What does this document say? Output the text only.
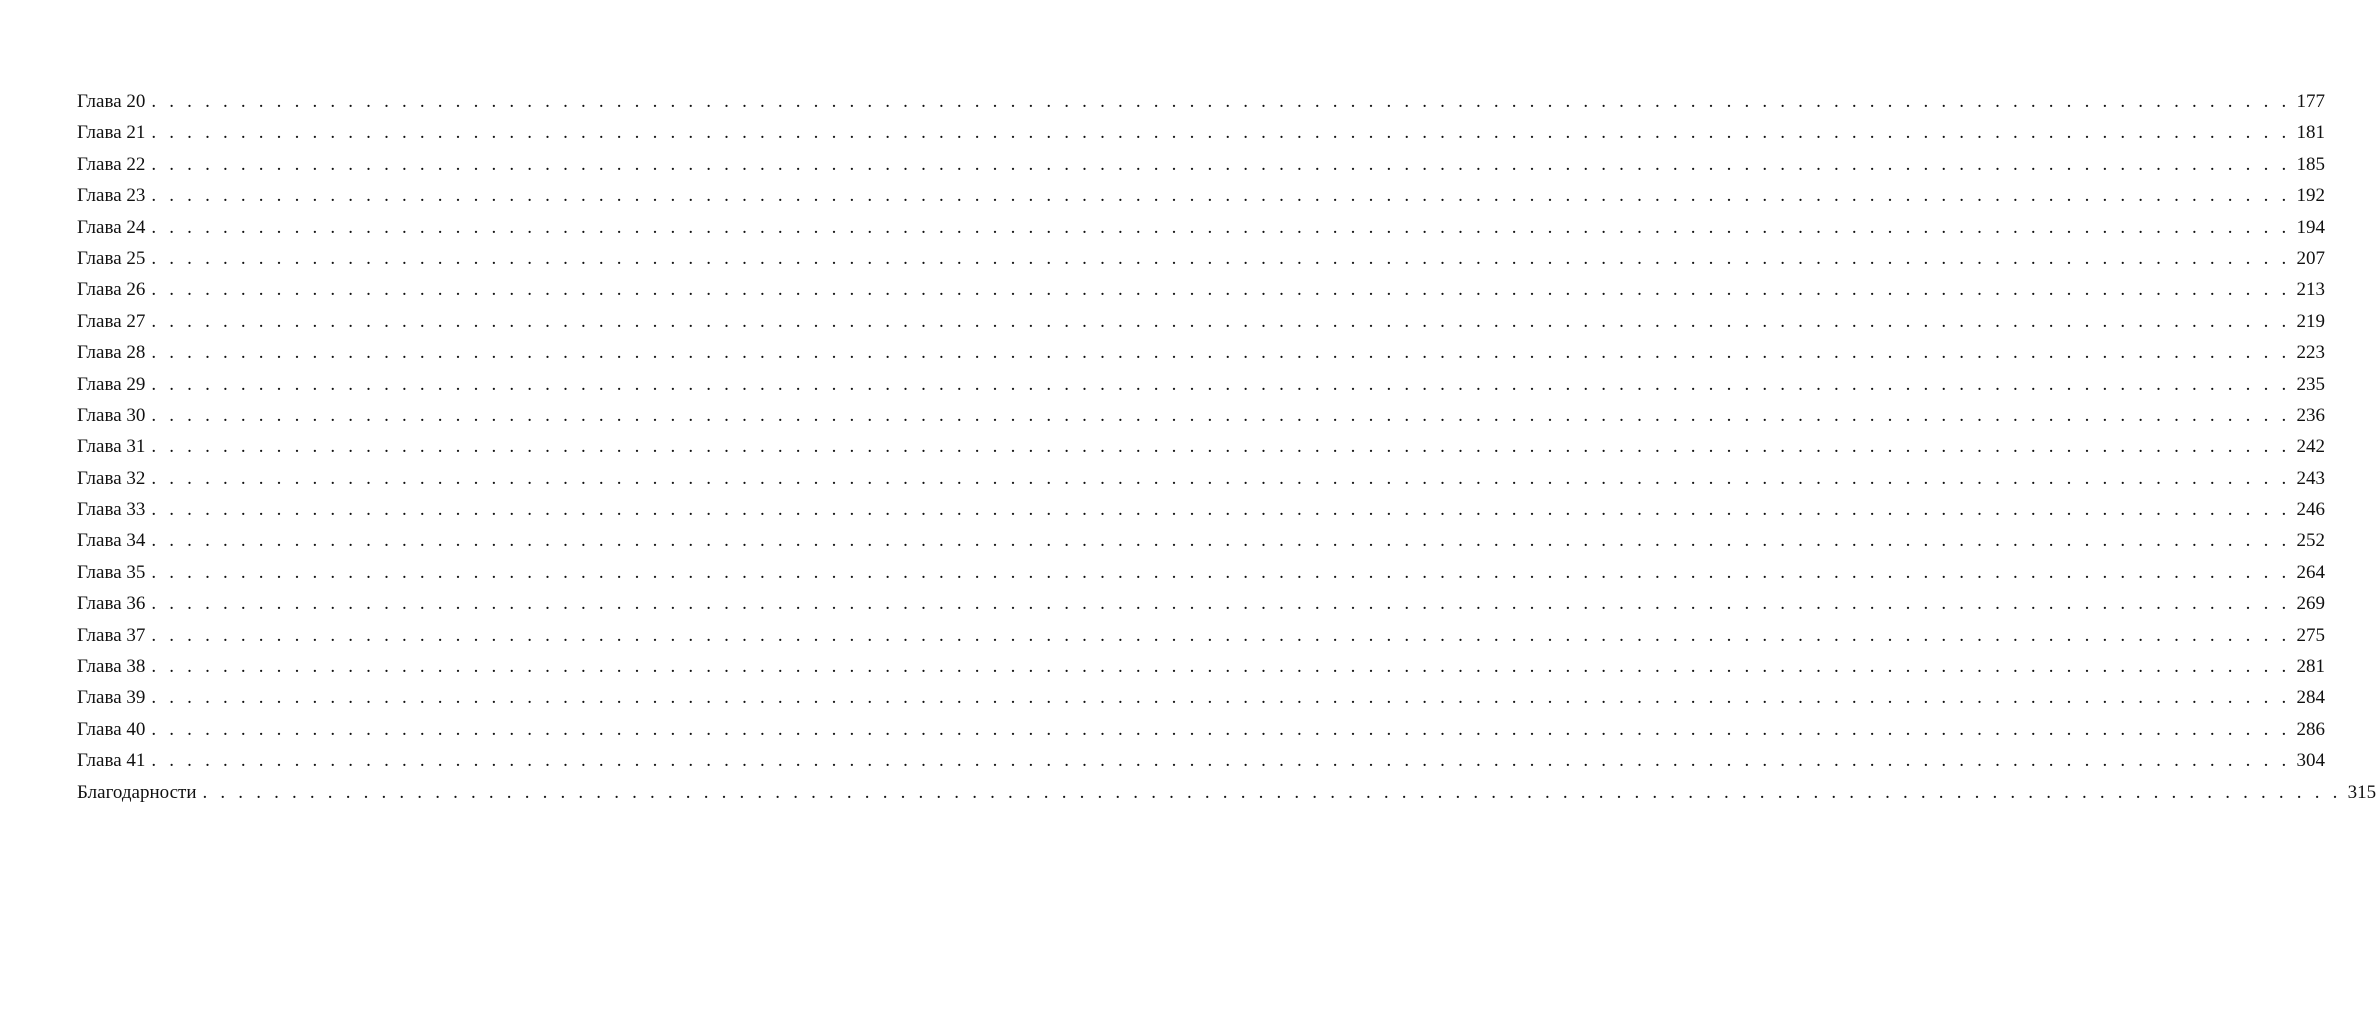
Глава 20 . . . . . . . . . . . . . . . . . . . . . . . . . . . . . . . . . . . . . . . . . . . . . . . . . . . . . . . . . . . . . . . . . . . . . . . . . . . . . . . . . . . . . . . . . . . . . . . . . . . . . . . . . . . . . . . . . . . . . . . . 177
Глава 21 . . . . . . . . . . . . . . . . . . . . . . . . . . . . . . . . . . . . . . . . . . . . . . . . . . . . . . . . . . . . . . . . . . . . . . . . . . . . . . . . . . . . . . . . . . . . . . . . . . . . . . . . . . . . . . . . . . . . . . . . 181
Глава 22 . . . . . . . . . . . . . . . . . . . . . . . . . . . . . . . . . . . . . . . . . . . . . . . . . . . . . . . . . . . . . . . . . . . . . . . . . . . . . . . . . . . . . . . . . . . . . . . . . . . . . . . . . . . . . . . . . . . . . . . . 185
Глава 23 . . . . . . . . . . . . . . . . . . . . . . . . . . . . . . . . . . . . . . . . . . . . . . . . . . . . . . . . . . . . . . . . . . . . . . . . . . . . . . . . . . . . . . . . . . . . . . . . . . . . . . . . . . . . . . . . . . . . . . . . 192
Глава 24 . . . . . . . . . . . . . . . . . . . . . . . . . . . . . . . . . . . . . . . . . . . . . . . . . . . . . . . . . . . . . . . . . . . . . . . . . . . . . . . . . . . . . . . . . . . . . . . . . . . . . . . . . . . . . . . . . . . . . . . . 194
Глава 25 . . . . . . . . . . . . . . . . . . . . . . . . . . . . . . . . . . . . . . . . . . . . . . . . . . . . . . . . . . . . . . . . . . . . . . . . . . . . . . . . . . . . . . . . . . . . . . . . . . . . . . . . . . . . . . . . . . . . . . . . 207
Глава 26 . . . . . . . . . . . . . . . . . . . . . . . . . . . . . . . . . . . . . . . . . . . . . . . . . . . . . . . . . . . . . . . . . . . . . . . . . . . . . . . . . . . . . . . . . . . . . . . . . . . . . . . . . . . . . . . . . . . . . . . . 213
Глава 27 . . . . . . . . . . . . . . . . . . . . . . . . . . . . . . . . . . . . . . . . . . . . . . . . . . . . . . . . . . . . . . . . . . . . . . . . . . . . . . . . . . . . . . . . . . . . . . . . . . . . . . . . . . . . . . . . . . . . . . . . 219
Глава 28 . . . . . . . . . . . . . . . . . . . . . . . . . . . . . . . . . . . . . . . . . . . . . . . . . . . . . . . . . . . . . . . . . . . . . . . . . . . . . . . . . . . . . . . . . . . . . . . . . . . . . . . . . . . . . . . . . . . . . . . . 223
Глава 29 . . . . . . . . . . . . . . . . . . . . . . . . . . . . . . . . . . . . . . . . . . . . . . . . . . . . . . . . . . . . . . . . . . . . . . . . . . . . . . . . . . . . . . . . . . . . . . . . . . . . . . . . . . . . . . . . . . . . . . . . 235
Глава 30 . . . . . . . . . . . . . . . . . . . . . . . . . . . . . . . . . . . . . . . . . . . . . . . . . . . . . . . . . . . . . . . . . . . . . . . . . . . . . . . . . . . . . . . . . . . . . . . . . . . . . . . . . . . . . . . . . . . . . . . . 236
Глава 31 . . . . . . . . . . . . . . . . . . . . . . . . . . . . . . . . . . . . . . . . . . . . . . . . . . . . . . . . . . . . . . . . . . . . . . . . . . . . . . . . . . . . . . . . . . . . . . . . . . . . . . . . . . . . . . . . . . . . . . . . 242
Глава 32 . . . . . . . . . . . . . . . . . . . . . . . . . . . . . . . . . . . . . . . . . . . . . . . . . . . . . . . . . . . . . . . . . . . . . . . . . . . . . . . . . . . . . . . . . . . . . . . . . . . . . . . . . . . . . . . . . . . . . . . . 243
Глава 33 . . . . . . . . . . . . . . . . . . . . . . . . . . . . . . . . . . . . . . . . . . . . . . . . . . . . . . . . . . . . . . . . . . . . . . . . . . . . . . . . . . . . . . . . . . . . . . . . . . . . . . . . . . . . . . . . . . . . . . . . 246
Глава 34 . . . . . . . . . . . . . . . . . . . . . . . . . . . . . . . . . . . . . . . . . . . . . . . . . . . . . . . . . . . . . . . . . . . . . . . . . . . . . . . . . . . . . . . . . . . . . . . . . . . . . . . . . . . . . . . . . . . . . . . . 252
Глава 35 . . . . . . . . . . . . . . . . . . . . . . . . . . . . . . . . . . . . . . . . . . . . . . . . . . . . . . . . . . . . . . . . . . . . . . . . . . . . . . . . . . . . . . . . . . . . . . . . . . . . . . . . . . . . . . . . . . . . . . . . 264
Глава 36 . . . . . . . . . . . . . . . . . . . . . . . . . . . . . . . . . . . . . . . . . . . . . . . . . . . . . . . . . . . . . . . . . . . . . . . . . . . . . . . . . . . . . . . . . . . . . . . . . . . . . . . . . . . . . . . . . . . . . . . . 269
Глава 37 . . . . . . . . . . . . . . . . . . . . . . . . . . . . . . . . . . . . . . . . . . . . . . . . . . . . . . . . . . . . . . . . . . . . . . . . . . . . . . . . . . . . . . . . . . . . . . . . . . . . . . . . . . . . . . . . . . . . . . . . 275
Глава 38 . . . . . . . . . . . . . . . . . . . . . . . . . . . . . . . . . . . . . . . . . . . . . . . . . . . . . . . . . . . . . . . . . . . . . . . . . . . . . . . . . . . . . . . . . . . . . . . . . . . . . . . . . . . . . . . . . . . . . . . . 281
Глава 39 . . . . . . . . . . . . . . . . . . . . . . . . . . . . . . . . . . . . . . . . . . . . . . . . . . . . . . . . . . . . . . . . . . . . . . . . . . . . . . . . . . . . . . . . . . . . . . . . . . . . . . . . . . . . . . . . . . . . . . . . 284
Глава 40 . . . . . . . . . . . . . . . . . . . . . . . . . . . . . . . . . . . . . . . . . . . . . . . . . . . . . . . . . . . . . . . . . . . . . . . . . . . . . . . . . . . . . . . . . . . . . . . . . . . . . . . . . . . . . . . . . . . . . . . . 286
Глава 41 . . . . . . . . . . . . . . . . . . . . . . . . . . . . . . . . . . . . . . . . . . . . . . . . . . . . . . . . . . . . . . . . . . . . . . . . . . . . . . . . . . . . . . . . . . . . . . . . . . . . . . . . . . . . . . . . . . . . . . . . 304
Благодарности . . . . . . . . . . . . . . . . . . . . . . . . . . . . . . . . . . . . . . . . . . . . . . . . . . . . . . . . . . . . . . . . . . . . . . . . . . . . . . . . . . . . . . . . . . . . . . . . . . . . . . . . . . . . . . . . . . . . . . . . 315
